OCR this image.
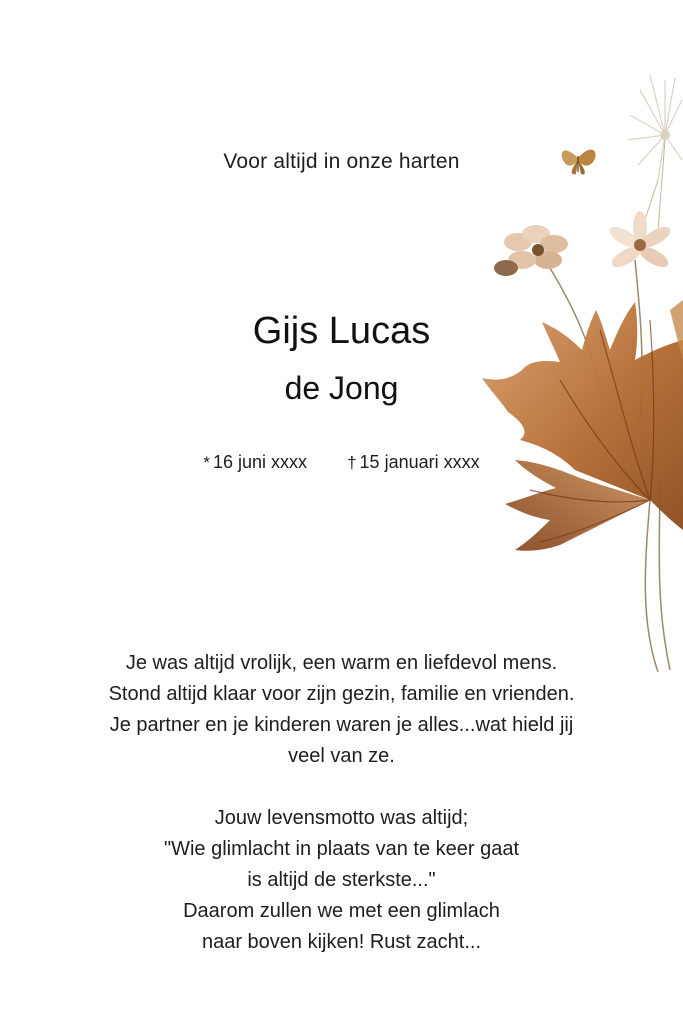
Voor altijd in onze harten
Gijs Lucas
de Jong
* 16 juni xxxx † 15 januari xxxx
Je was altijd vrolijk, een warm en liefdevol mens.
Stond altijd klaar voor zijn gezin, familie en vrienden.
Je partner en je kinderen waren je alles...wat hield jij
veel van ze.
Jouw levensmotto was altijd;
"Wie glimlacht in plaats van te keer gaat
is altijd de sterkste..."
Daarom zullen we met een glimlach
naar boven kijken! Rust zacht...
